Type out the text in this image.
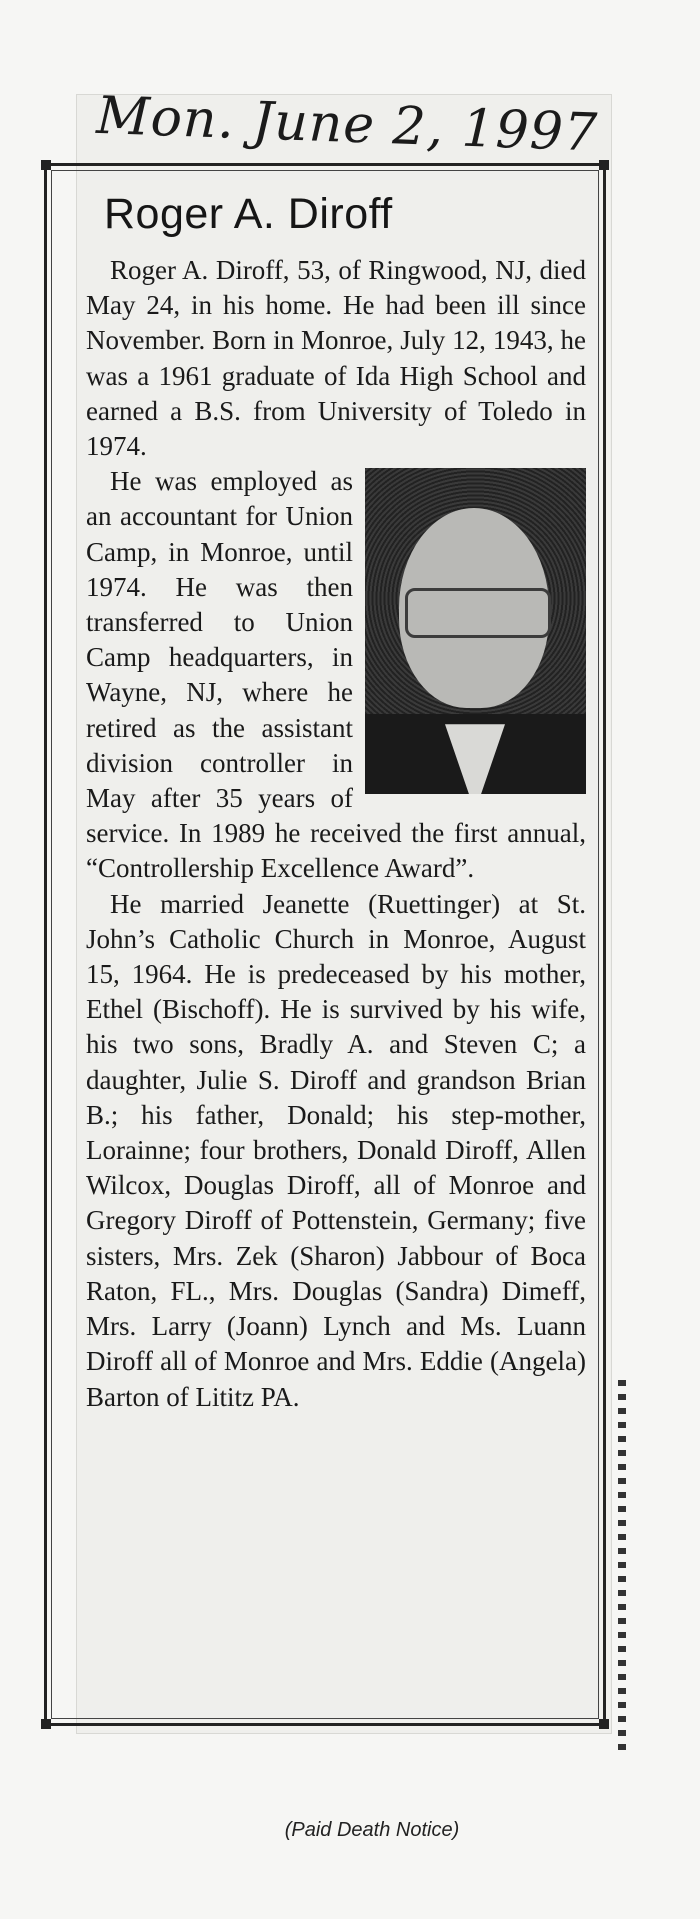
Mon. June 2, 1997
(Paid Death Notice)
Roger A. Diroff

Roger A. Diroff, 53, of Ringwood, NJ, died May 24, in his home. He had been ill since November. Born in Monroe, July 12, 1943, he was a 1961 graduate of Ida High School and earned a B.S. from University of Toledo in 1974.

He was employed as an accountant for Union Camp, in Monroe, until 1974. He was then transferred to Union Camp headquarters, in Wayne, NJ, where he retired as the assistant division controller in May after 35 years of service. In 1989 he received the first annual, “Controllership Excellence Award”.

He married Jeanette (Ruettinger) at St. John’s Catholic Church in Monroe, August 15, 1964. He is predeceased by his mother, Ethel (Bischoff). He is survived by his wife, his two sons, Bradly A. and Steven C; a daughter, Julie S. Diroff and grandson Brian B.; his father, Donald; his step-mother, Lorainne; four brothers, Donald Diroff, Allen Wilcox, Douglas Diroff, all of Monroe and Gregory Diroff of Pottenstein, Germany; five sisters, Mrs. Zek (Sharon) Jabbour of Boca Raton, FL., Mrs. Douglas (Sandra) Dimeff, Mrs. Larry (Joann) Lynch and Ms. Luann Diroff all of Monroe and Mrs. Eddie (Angela) Barton of Lititz PA.
